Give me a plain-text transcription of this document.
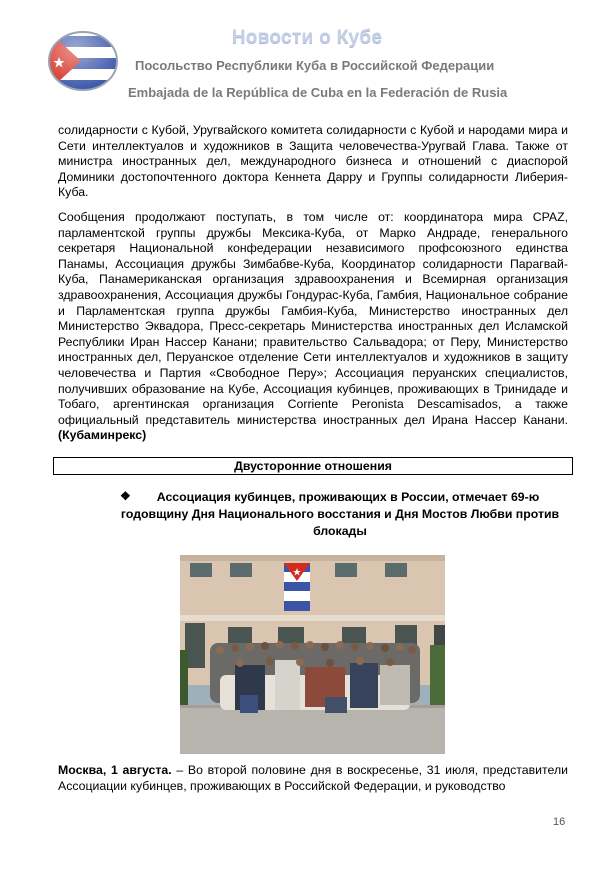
Новости о Кубе
Посольство Республики Куба в Российской Федерации
Embajada de la República de Cuba en la Federación de Rusia
солидарности с Кубой, Уругвайского комитета солидарности с Кубой и народами мира и Сети интеллектуалов и художников в Защита человечества-Уругвай Глава. Также от министра иностранных дел, международного бизнеса и отношений с диаспорой Доминики достопочтенного доктора Кеннета Дарру и Группы солидарности Либерия-Куба.
Сообщения продолжают поступать, в том числе от: координатора мира CPAZ, парламентской группы дружбы Мексика-Куба, от Марко Андраде, генерального секретаря Национальной конфедерации независимого профсоюзного единства Панамы, Ассоциация дружбы Зимбабве-Куба, Координатор солидарности Парагвай-Куба, Панамериканская организация здравоохранения и Всемирная организация здравоохранения, Ассоциация дружбы Гондурас-Куба, Гамбия, Национальное собрание и Парламентская группа дружбы Гамбия-Куба, Министерство иностранных дел Министерство Эквадора, Пресс-секретарь Министерства иностранных дел Исламской Республики Иран Нассер Канани; правительство Сальвадора; от Перу, Министерство иностранных дел, Перуанское отделение Сети интеллектуалов и художников в защиту человечества и Партия «Свободное Перу»; Ассоциация перуанских специалистов, получивших образование на Кубе, Ассоциация кубинцев, проживающих в Тринидаде и Тобаго, аргентинская организация Corriente Peronista Descamisados, а также официальный представитель министерства иностранных дел Ирана Нассер Канани. (Кубаминрекс)
Двусторонние отношения
❖	Ассоциация кубинцев, проживающих в России, отмечает 69-ю годовщину Дня Национального восстания и Дня Мостов Любви против блокады
Москва, 1 августа. – Во второй половине дня в воскресенье, 31 июля, представители Ассоциации кубинцев, проживающих в Российской Федерации, и руководство
16
